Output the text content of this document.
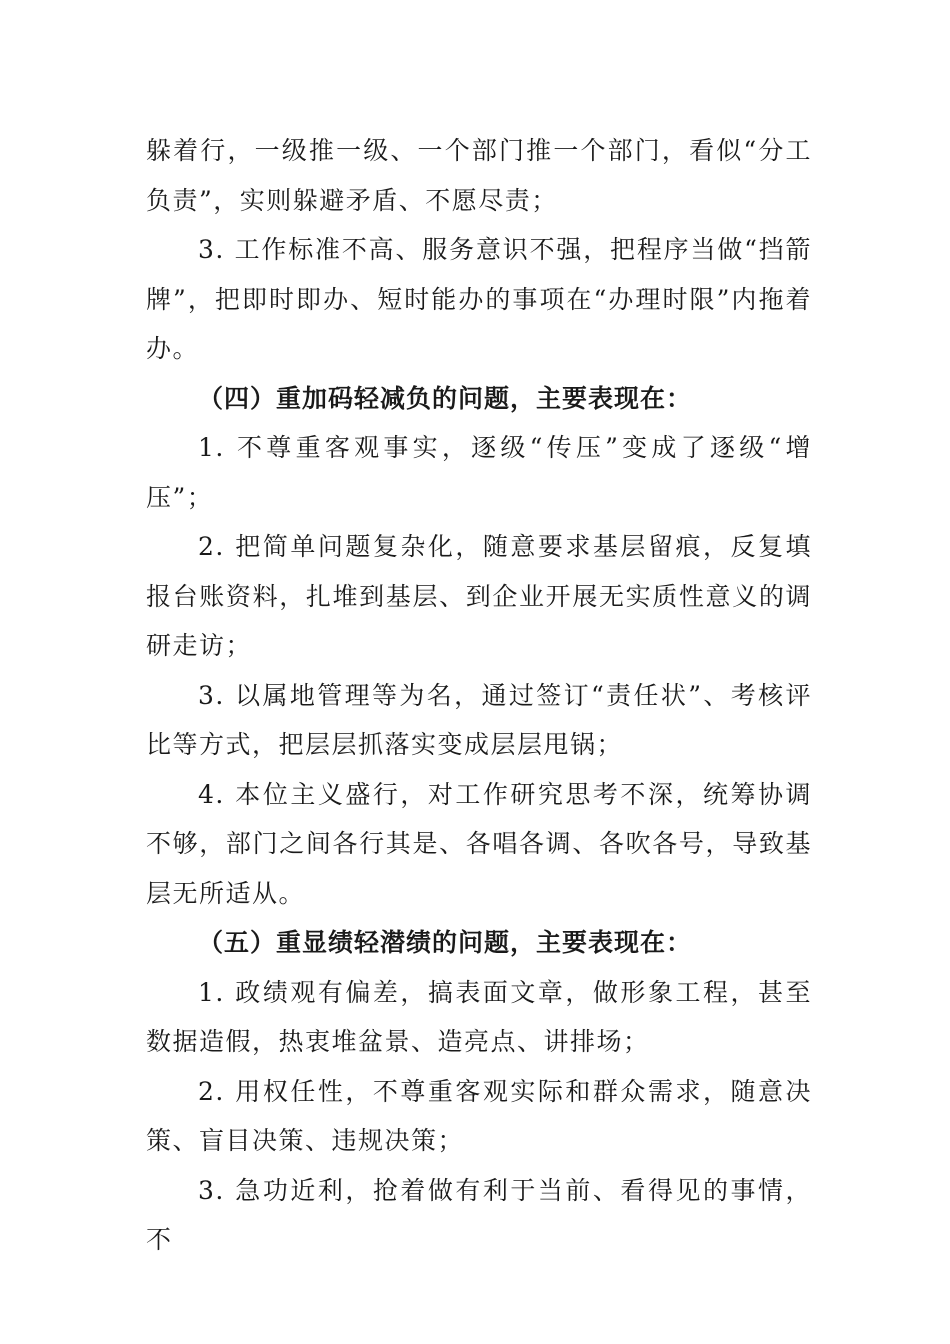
躲着行，一级推一级、一个部门推一个部门，看似“分工负责”，实则躲避矛盾、不愿尽责；

3. 工作标准不高、服务意识不强，把程序当做“挡箭牌”，把即时即办、短时能办的事项在“办理时限”内拖着办。

（四）重加码轻减负的问题，主要表现在：

1. 不尊重客观事实，逐级“传压”变成了逐级“增压”；

2. 把简单问题复杂化，随意要求基层留痕，反复填报台账资料，扎堆到基层、到企业开展无实质性意义的调研走访；

3. 以属地管理等为名，通过签订“责任状”、考核评比等方式，把层层抓落实变成层层甩锅；

4. 本位主义盛行，对工作研究思考不深，统筹协调不够，部门之间各行其是、各唱各调、各吹各号，导致基层无所适从。

（五）重显绩轻潜绩的问题，主要表现在：

1. 政绩观有偏差，搞表面文章，做形象工程，甚至数据造假，热衷堆盆景、造亮点、讲排场；

2. 用权任性，不尊重客观实际和群众需求，随意决策、盲目决策、违规决策；

3. 急功近利，抢着做有利于当前、看得见的事情，不
